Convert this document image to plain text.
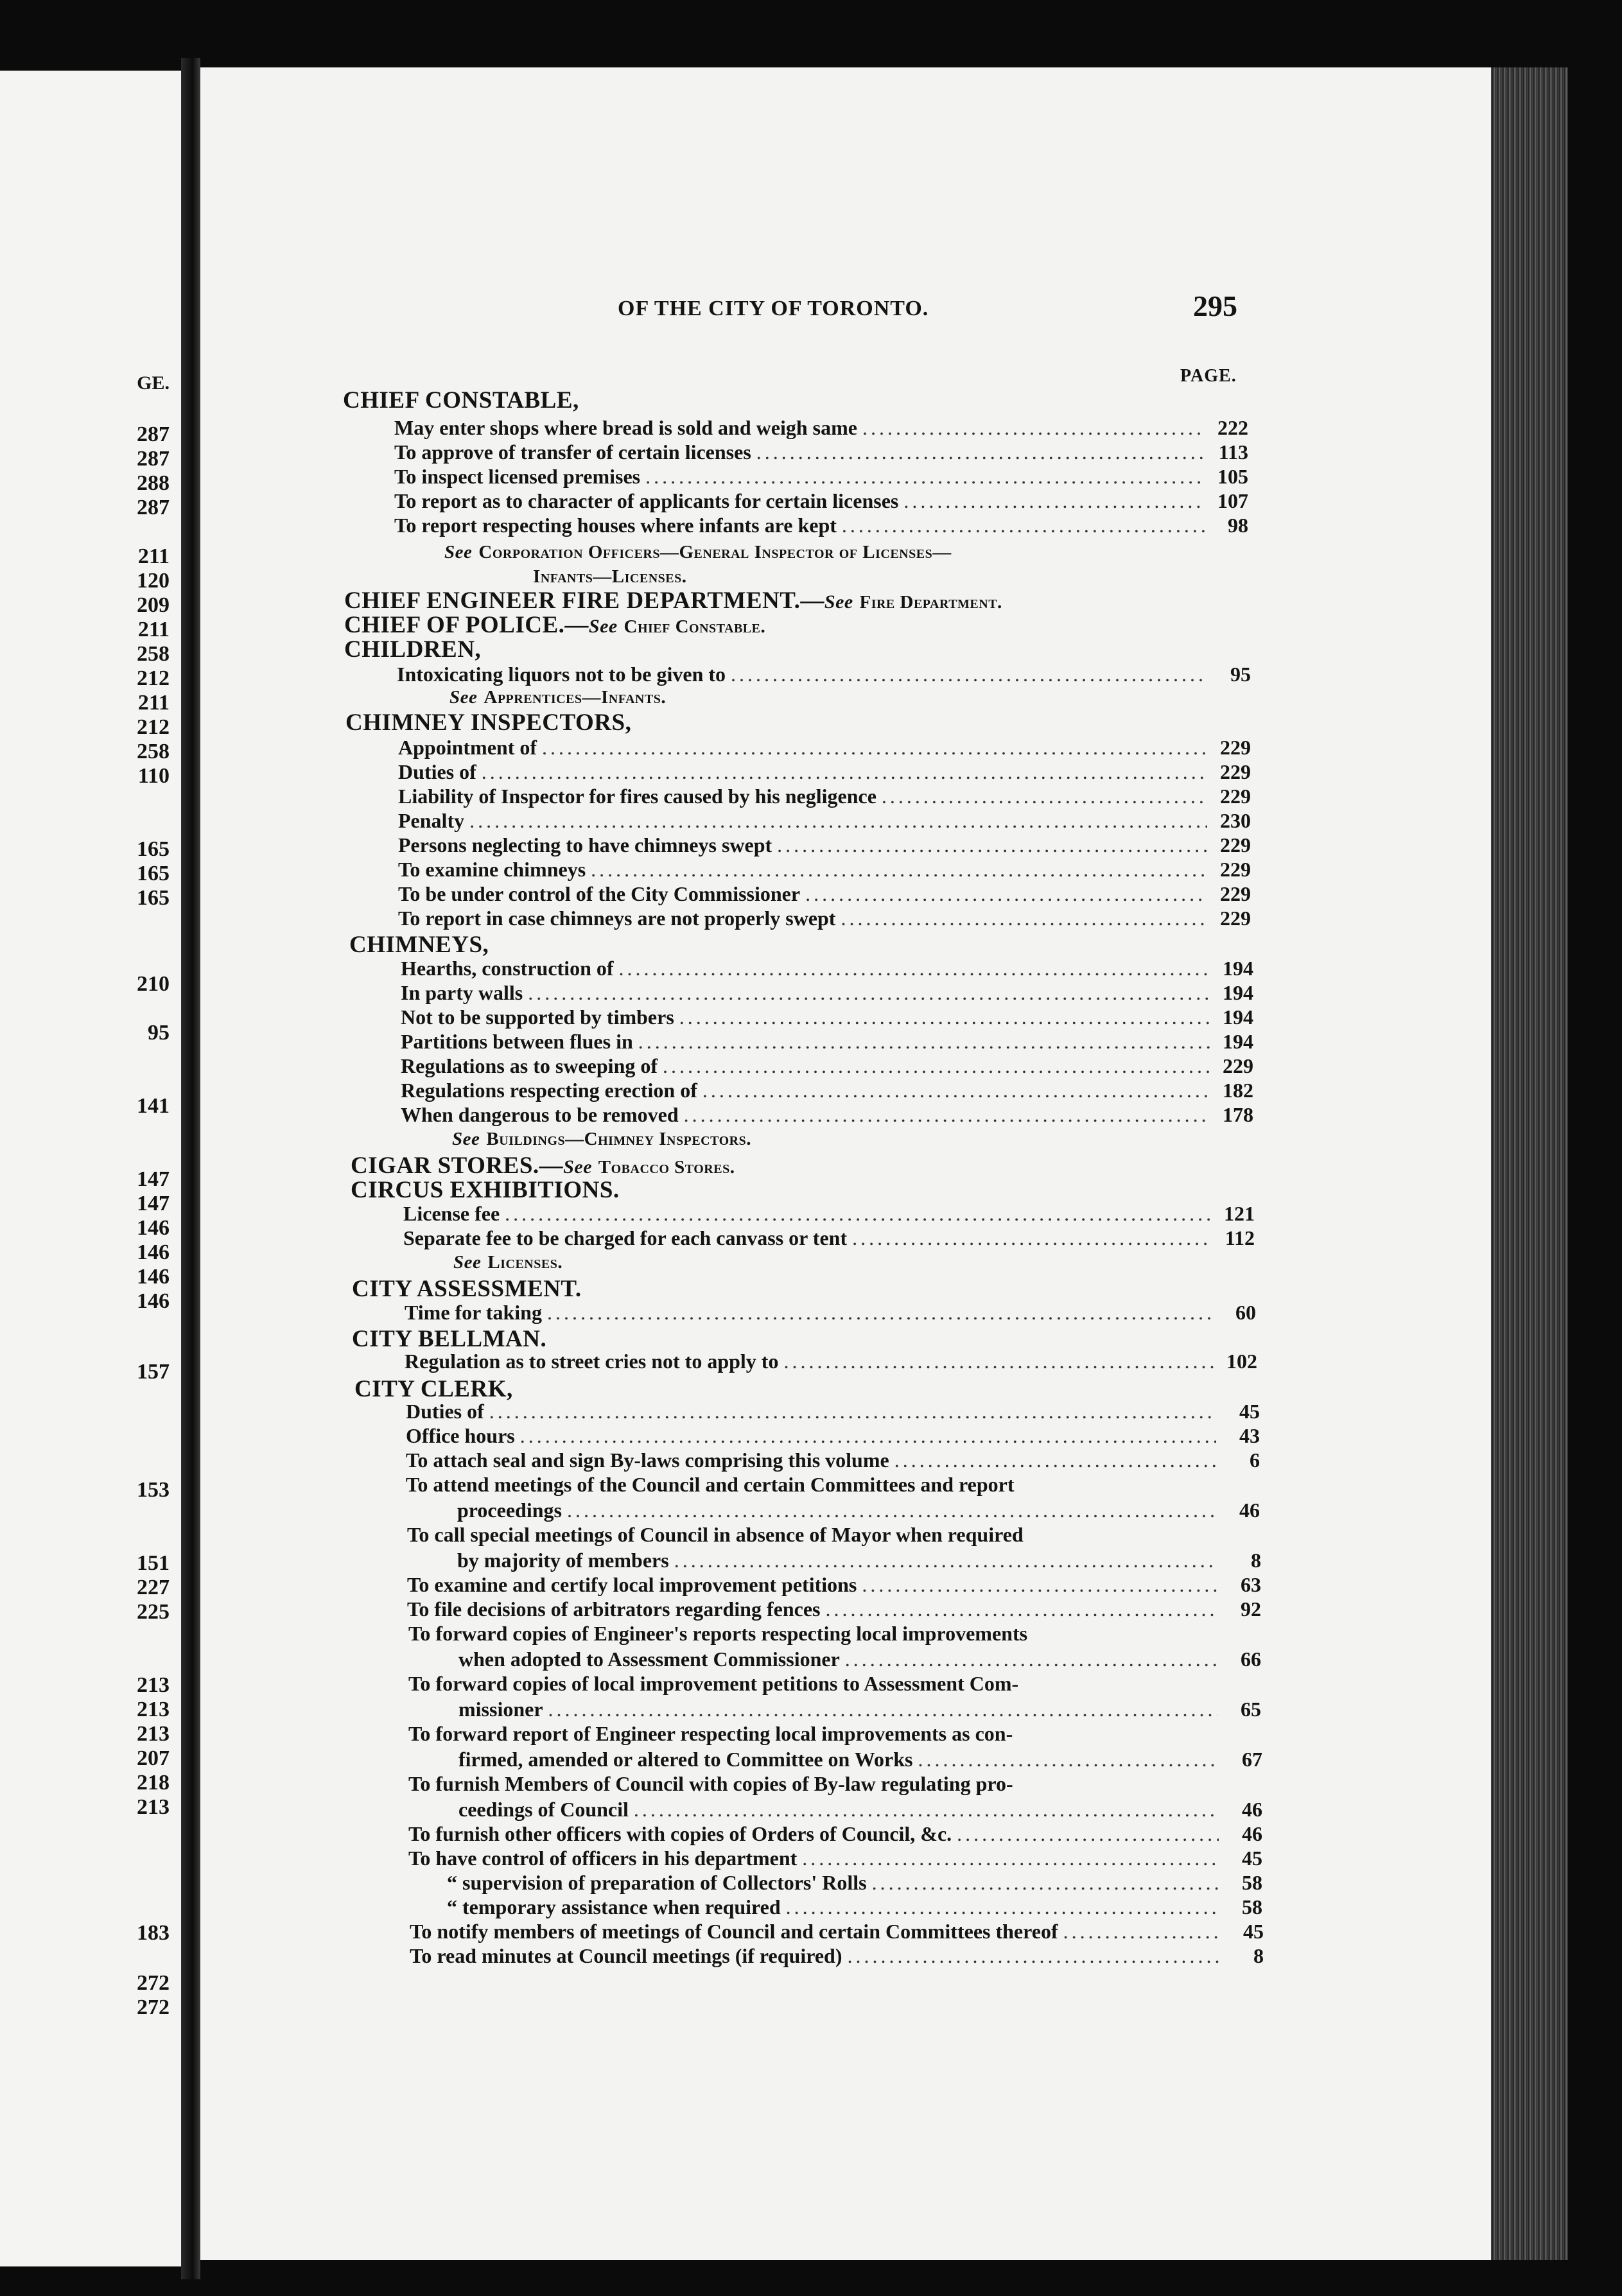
GE.
287
287
288
287
211
120
209
211
258
212
211
212
258
110
165
165
165
210
95
141
147
147
146
146
146
146
157
153
151
227
225
213
213
213
207
218
213
183
272
272
OF THE CITY OF TORONTO.	295
PAGE.
CHIEF CONSTABLE,
May enter shops where bread is sold and weigh same .....	222
To approve of transfer of certain licenses .....	113
To inspect licensed premises .....	105
To report as to character of applicants for certain licenses .....	107
To report respecting houses where infants are kept .....	98
See Corporation Officers—General Inspector of Licenses—
Infants—Licenses.
CHIEF ENGINEER FIRE DEPARTMENT.—See Fire Department.
CHIEF OF POLICE.—See Chief Constable.
CHILDREN,
Intoxicating liquors not to be given to .....	95
See Apprentices—Infants.
CHIMNEY INSPECTORS,
Appointment of .....	229
Duties of .....	229
Liability of Inspector for fires caused by his negligence .....	229
Penalty .....	230
Persons neglecting to have chimneys swept .....	229
To examine chimneys .....	229
To be under control of the City Commissioner .....	229
To report in case chimneys are not properly swept .....	229
CHIMNEYS,
Hearths, construction of .....	194
In party walls .....	194
Not to be supported by timbers .....	194
Partitions between flues in .....	194
Regulations as to sweeping of .....	229
Regulations respecting erection of .....	182
When dangerous to be removed .....	178
See Buildings—Chimney Inspectors.
CIGAR STORES.—See Tobacco Stores.
CIRCUS EXHIBITIONS.
License fee .....	121
Separate fee to be charged for each canvass or tent .....	112
See Licenses.
CITY ASSESSMENT.
Time for taking .....	60
CITY BELLMAN.
Regulation as to street cries not to apply to .....	102
CITY CLERK,
Duties of .....	45
Office hours .....	43
To attach seal and sign By-laws comprising this volume .....	6
To attend meetings of the Council and certain Committees and report
proceedings .....	46
To call special meetings of Council in absence of Mayor when required
by majority of members .....	8
To examine and certify local improvement petitions .....	63
To file decisions of arbitrators regarding fences .....	92
To forward copies of Engineer's reports respecting local improvements
when adopted to Assessment Commissioner .....	66
To forward copies of local improvement petitions to Assessment Com-
missioner .....	65
To forward report of Engineer respecting local improvements as con-
firmed, amended or altered to Committee on Works .....	67
To furnish Members of Council with copies of By-law regulating pro-
ceedings of Council .....	46
To furnish other officers with copies of Orders of Council, &c. .....	46
To have control of officers in his department .....	45
“ supervision of preparation of Collectors' Rolls .....	58
“ temporary assistance when required .....	58
To notify members of meetings of Council and certain Committees thereof .....	45
To read minutes at Council meetings (if required) .....	8
